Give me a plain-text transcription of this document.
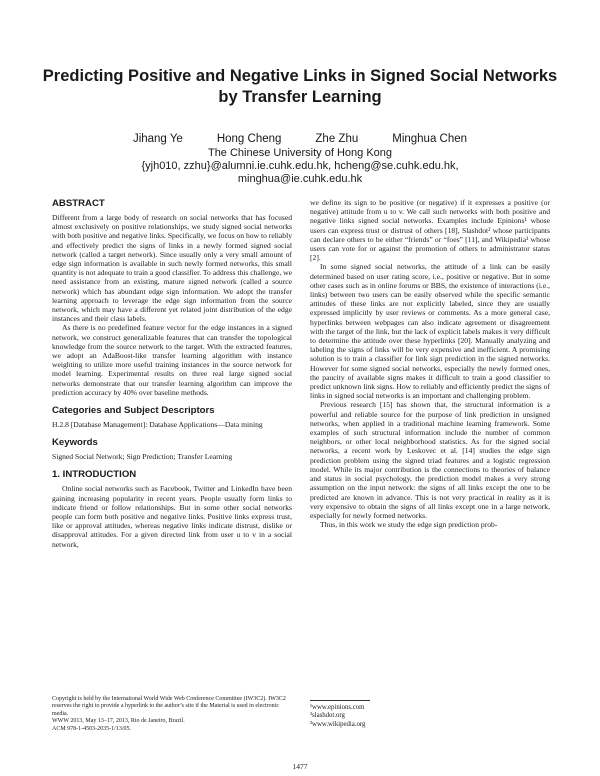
Predicting Positive and Negative Links in Signed Social Networks by Transfer Learning
Jihang Ye	Hong Cheng	Zhe Zhu	Minghua Chen
The Chinese University of Hong Kong
{yjh010, zzhu}@alumni.ie.cuhk.edu.hk, hcheng@se.cuhk.edu.hk,
minghua@ie.cuhk.edu.hk
ABSTRACT

Different from a large body of research on social networks that has focused almost exclusively on positive relationships, we study signed social networks with both positive and negative links. Specifically, we focus on how to reliably and effectively predict the signs of links in a newly formed signed social network (called a target network). Since usually only a very small amount of edge sign information is available in such newly formed networks, this small quantity is not adequate to train a good classifier. To address this challenge, we need assistance from an existing, mature signed network (called a source network) which has abundant edge sign information. We adopt the transfer learning approach to leverage the edge sign information from the source network, which may have a different yet related joint distribution of the edge instances and their class labels.

As there is no predefined feature vector for the edge instances in a signed network, we construct generalizable features that can transfer the topological knowledge from the source network to the target. With the extracted features, we adopt an AdaBoost-like transfer learning algorithm with instance weighting to utilize more useful training instances in the source network for model learning. Experimental results on three real large signed social networks demonstrate that our transfer learning algorithm can improve the prediction accuracy by 40% over baseline methods.

Categories and Subject Descriptors

H.2.8 [Database Management]: Database Applications—Data mining

Keywords

Signed Social Network; Sign Prediction; Transfer Learning

1. INTRODUCTION

Online social networks such as Facebook, Twitter and LinkedIn have been gaining increasing popularity in recent years. People usually form links to indicate friend or follow relationships. But in some other social networks people can form both positive and negative links. Positive links express trust, like or approval attitudes, whereas negative links indicate distrust, dislike or disapproval attitudes. For a given directed link from user u to v in a social network,

we define its sign to be positive (or negative) if it expresses a positive (or negative) attitude from u to v. We call such networks with both positive and negative links signed social networks. Examples include Epinions¹ whose users can express trust or distrust of others [18], Slashdot² whose participants can declare others to be either “friends” or “foes” [11], and Wikipedia³ whose users can vote for or against the promotion of others to administrator status [2].

In some signed social networks, the attitude of a link can be easily determined based on user rating score, i.e., positive or negative. But in some other cases such as in online forums or BBS, the existence of interactions (i.e., links) between two users can be easily observed while the specific semantic attitudes of these links are not explicitly labeled, since they are usually expressed implicitly by user reviews or comments. As a more general case, hyperlinks between webpages can also indicate agreement or disagreement with the target of the link, but the lack of explicit labels makes it very difficult to determine the attitude over these hyperlinks [20]. Manually analyzing and labeling the signs of links will be very expensive and inefficient. A promising solution is to train a classifier for link sign prediction in the signed networks. However for some signed social networks, especially the newly formed ones, the paucity of available signs makes it difficult to train a good classifier to predict unknown link signs. How to reliably and efficiently predict the signs of links in signed social networks is an important and challenging problem.

Previous research [15] has shown that, the structural information is a powerful and reliable source for the purpose of link prediction in unsigned networks, when applied in a traditional machine learning framework. Some examples of such structural information include the number of common neighbors, or other local neighborhood statistics. As for the signed social networks, a recent work by Leskovec et al. [14] studies the edge sign prediction problem using the signed triad features and a logistic regression model. While its major contribution is the connections to theories of balance and status in social psychology, the prediction model makes a very strong assumption on the input network: the signs of all links except the one to be predicted are known in advance. This is not very practical in reality as it is very expensive to obtain the signs of all links except one in a large network, especially for newly formed networks.

Thus, in this work we study the edge sign prediction prob-

Copyright is held by the International World Wide Web Conference Committee (IW3C2). IW3C2 reserves the right to provide a hyperlink to the author’s site if the Material is used in electronic media.
WWW 2013, May 13–17, 2013, Rio de Janeiro, Brazil.
ACM 978-1-4503-2035-1/13/05.
¹www.epinions.com
²slashdot.org
³www.wikipedia.org
1477
